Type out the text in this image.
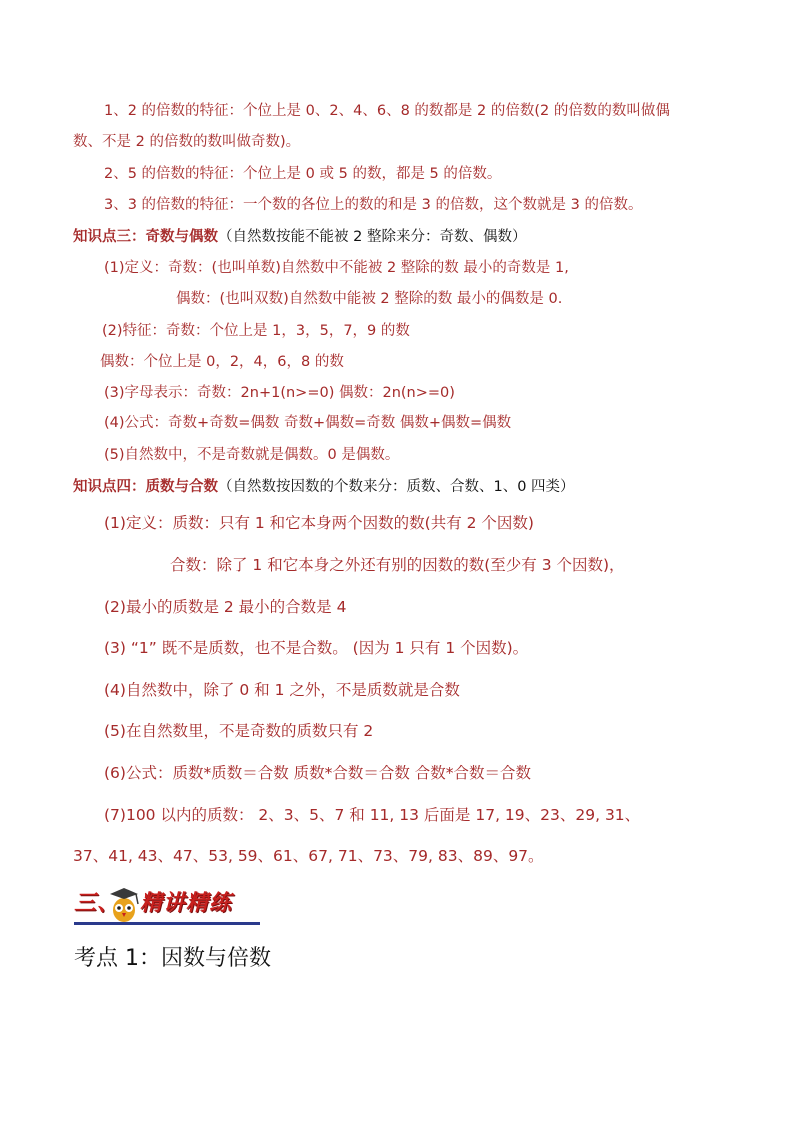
1、2 的倍数的特征：个位上是 0、2、4、6、8 的数都是 2 的倍数(2 的倍数的数叫做偶
数、不是 2 的倍数的数叫做奇数)。
2、5 的倍数的特征：个位上是 0 或 5 的数，都是 5 的倍数。
3、3 的倍数的特征：一个数的各位上的数的和是 3 的倍数，这个数就是 3 的倍数。
知识点三：奇数与偶数（自然数按能不能被 2 整除来分：奇数、偶数）
(1)定义：奇数：(也叫单数)自然数中不能被 2 整除的数 最小的奇数是 1,
偶数：(也叫双数)自然数中能被 2 整除的数 最小的偶数是 0.
(2)特征：奇数：个位上是 1，3，5，7，9 的数
偶数：个位上是 0，2，4，6，8 的数
(3)字母表示：奇数：2n+1(n>=0) 偶数：2n(n>=0)
(4)公式：奇数+奇数=偶数 奇数+偶数=奇数 偶数+偶数=偶数
(5)自然数中，不是奇数就是偶数。0 是偶数。
知识点四：质数与合数（自然数按因数的个数来分：质数、合数、1、0 四类）
(1)定义：质数：只有 1 和它本身两个因数的数(共有 2 个因数)
合数：除了 1 和它本身之外还有别的因数的数(至少有 3 个因数)，
(2)最小的质数是 2 最小的合数是 4
(3) “1” 既不是质数，也不是合数。 (因为 1 只有 1 个因数)。
(4)自然数中，除了 0 和 1 之外，不是质数就是合数
(5)在自然数里，不是奇数的质数只有 2
(6)公式：质数*质数＝合数 质数*合数＝合数 合数*合数＝合数
(7)100 以内的质数： 2、3、5、7 和 11, 13 后面是 17, 19、23、29, 31、
37、41, 43、47、53, 59、61、67, 71、73、79, 83、89、97。
三、 精讲精练
考点 1：因数与倍数
